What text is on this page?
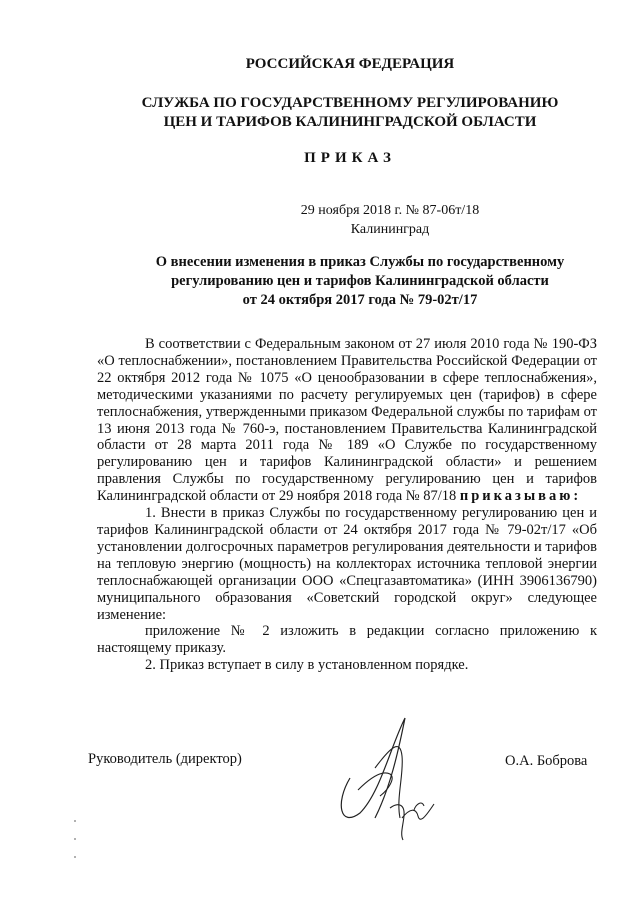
РОССИЙСКАЯ ФЕДЕРАЦИЯ
СЛУЖБА ПО ГОСУДАРСТВЕННОМУ РЕГУЛИРОВАНИЮ
ЦЕН И ТАРИФОВ КАЛИНИНГРАДСКОЙ ОБЛАСТИ
ПРИКАЗ
29 ноября 2018 г. № 87-06т/18
Калининград
О внесении изменения в приказ Службы по государственному
регулированию цен и тарифов Калининградской области
от 24 октября 2017 года № 79-02т/17

В соответствии с Федеральным законом от 27 июля 2010 года № 190-ФЗ «О теплоснабжении», постановлением Правительства Российской Федерации от 22 октября 2012 года № 1075 «О ценообразовании в сфере теплоснабжения», методическими указаниями по расчету регулируемых цен (тарифов) в сфере теплоснабжения, утвержденными приказом Федеральной службы по тарифам от 13 июня 2013 года № 760-э, постановлением Правительства Калининградской области от 28 марта 2011 года № 189 «О Службе по государственному регулированию цен и тарифов Калининградской области» и решением правления Службы по государственному регулированию цен и тарифов Калининградской области от 29 ноября 2018 года № 87/18 приказываю:

1. Внести в приказ Службы по государственному регулированию цен и тарифов Калининградской области от 24 октября 2017 года № 79-02т/17 «Об установлении долгосрочных параметров регулирования деятельности и тарифов на тепловую энергию (мощность) на коллекторах источника тепловой энергии теплоснабжающей организации ООО «Спецгазавтоматика» (ИНН 3906136790) муниципального образования «Советский городской округ» следующее изменение:

приложение № 2 изложить в редакции согласно приложению к настоящему приказу.

2. Приказ вступает в силу в установленном порядке.

Руководитель (директор)	О.А. Боброва
